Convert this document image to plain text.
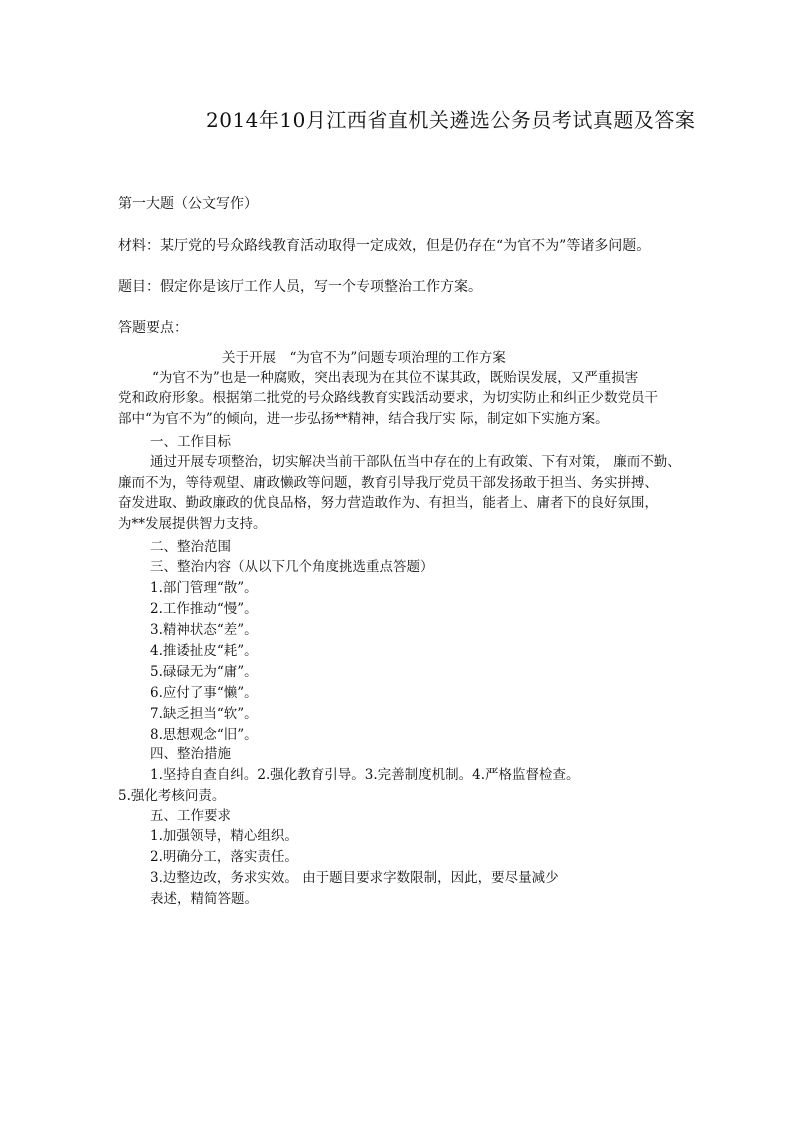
2014年10月江西省直机关遴选公务员考试真题及答案
第一大题（公文写作）
材料：某厅党的号众路线教育活动取得一定成效，但是仍存在“为官不为”等诸多问题。
题目：假定你是该厅工作人员，写一个专项整治工作方案。
答题要点：
关于开展　“为官不为”问题专项治理的工作方案
“为官不为”也是一种腐败，突出表现为在其位不谋其政，既贻误发展，又严重损害
党和政府形象。根据第二批党的号众路线教育实践活动要求，为切实防止和纠正少数党员干
部中“为官不为”的倾向，进一步弘扬**精神，结合我厅实 际，制定如下实施方案。
一、工作目标
通过开展专项整治，切实解决当前干部队伍当中存在的上有政策、下有对策， 廉而不勤、
廉而不为，等待观望、庸政懒政等问题，教育引导我厅党员干部发扬敢于担当、务实拼搏、
奋发进取、勤政廉政的优良品格，努力营造敢作为、有担当，能者上、庸者下的良好氛围，
为**发展提供智力支持。
二、整治范围
三、整治内容（从以下几个角度挑选重点答题）
1.部门管理“散”。
2.工作推动“慢”。
3.精神状态“差”。
4.推诿扯皮“耗”。
5.碌碌无为“庸”。
6.应付了事“懒”。
7.缺乏担当“软”。
8.思想观念“旧”。
四、整治措施
1.坚持自查自纠。2.强化教育引导。3.完善制度机制。4.严格监督检查。
5.强化考核问责。
五、工作要求
1.加强领导，精心组织。
2.明确分工，落实责任。
3.边整边改，务求实效。 由于题目要求字数限制，因此，要尽量减少
表述，精简答题。
